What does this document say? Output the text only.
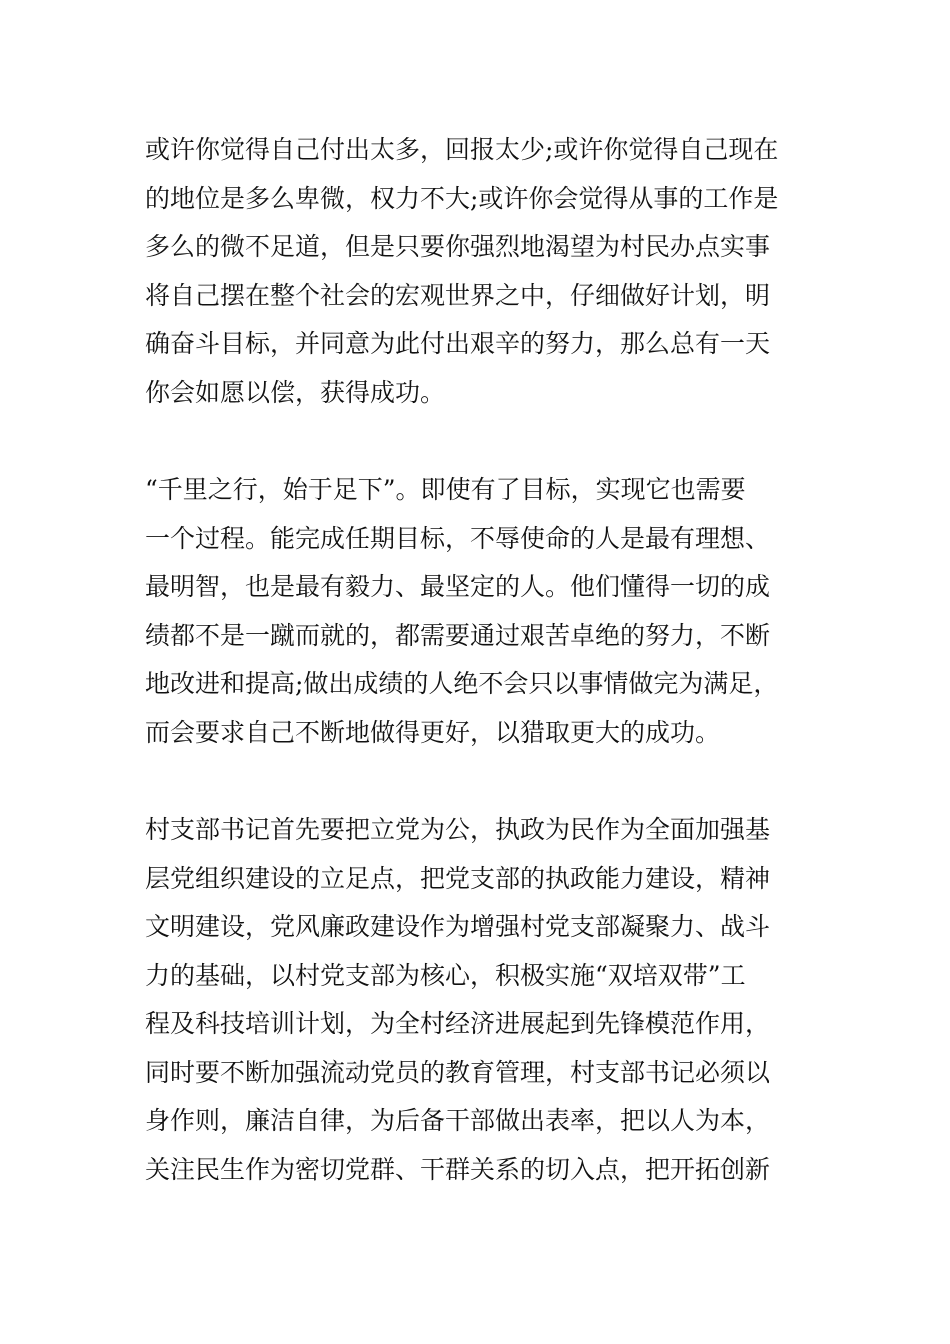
或许你觉得自己付出太多，回报太少;或许你觉得自己现在
的地位是多么卑微，权力不大;或许你会觉得从事的工作是
多么的微不足道，但是只要你强烈地渴望为村民办点实事
将自己摆在整个社会的宏观世界之中，仔细做好计划，明
确奋斗目标，并同意为此付出艰辛的努力，那么总有一天
你会如愿以偿，获得成功。
“千里之行，始于足下”。即使有了目标，实现它也需要
一个过程。能完成任期目标，不辱使命的人是最有理想、
最明智，也是最有毅力、最坚定的人。他们懂得一切的成
绩都不是一蹴而就的，都需要通过艰苦卓绝的努力，不断
地改进和提高;做出成绩的人绝不会只以事情做完为满足，
而会要求自己不断地做得更好，以猎取更大的成功。
村支部书记首先要把立党为公，执政为民作为全面加强基
层党组织建设的立足点，把党支部的执政能力建设，精神
文明建设，党风廉政建设作为增强村党支部凝聚力、战斗
力的基础，以村党支部为核心，积极实施“双培双带”工
程及科技培训计划，为全村经济进展起到先锋模范作用，
同时要不断加强流动党员的教育管理，村支部书记必须以
身作则，廉洁自律，为后备干部做出表率，把以人为本，
关注民生作为密切党群、干群关系的切入点，把开拓创新
